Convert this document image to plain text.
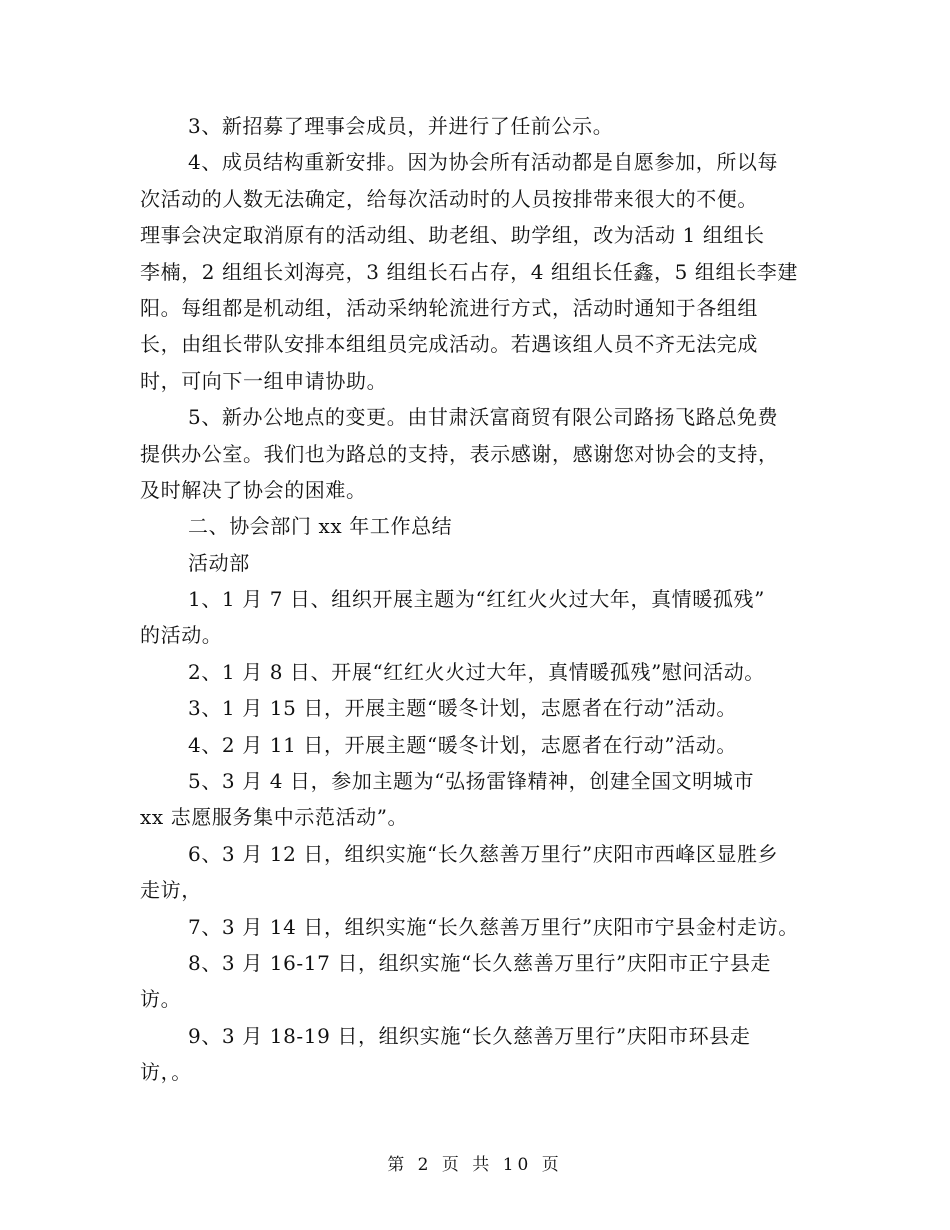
3、新招募了理事会成员，并进行了任前公示。
4、成员结构重新安排。因为协会所有活动都是自愿参加，所以每
次活动的人数无法确定，给每次活动时的人员按排带来很大的不便。
理事会决定取消原有的活动组、助老组、助学组，改为活动 1 组组长
李楠，2 组组长刘海亮，3 组组长石占存，4 组组长任鑫，5 组组长李建
阳。每组都是机动组，活动采纳轮流进行方式，活动时通知于各组组
长，由组长带队安排本组组员完成活动。若遇该组人员不齐无法完成
时，可向下一组申请协助。
5、新办公地点的变更。由甘肃沃富商贸有限公司路扬飞路总免费
提供办公室。我们也为路总的支持，表示感谢，感谢您对协会的支持，
及时解决了协会的困难。
二、协会部门 xx 年工作总结
活动部
1、1 月 7 日、组织开展主题为“红红火火过大年，真情暖孤残”
的活动。
2、1 月 8 日、开展“红红火火过大年，真情暖孤残”慰问活动。
3、1 月 15 日，开展主题“暖冬计划，志愿者在行动”活动。
4、2 月 11 日，开展主题“暖冬计划，志愿者在行动”活动。
5、3 月 4 日，参加主题为“弘扬雷锋精神，创建全国文明城市
xx 志愿服务集中示范活动”。
6、3 月 12 日，组织实施“长久慈善万里行”庆阳市西峰区显胜乡
走访，
7、3 月 14 日，组织实施“长久慈善万里行”庆阳市宁县金村走访。
8、3 月 16-17 日，组织实施“长久慈善万里行”庆阳市正宁县走
访。
9、3 月 18-19 日，组织实施“长久慈善万里行”庆阳市环县走
访，。
第 2 页 共 10 页
